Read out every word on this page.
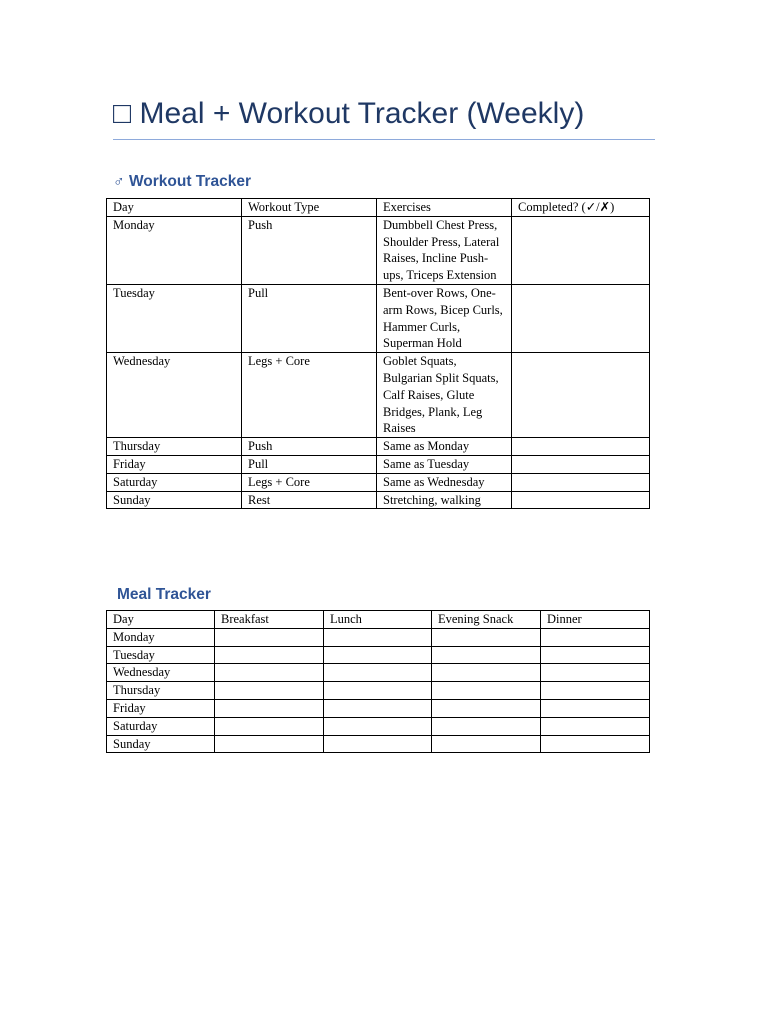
□ Meal + Workout Tracker (Weekly)
♂ Workout Tracker
Day	Workout Type	Exercises	Completed? (✓/✗)
Monday	Push	Dumbbell Chest Press, Shoulder Press, Lateral Raises, Incline Push-ups, Triceps Extension	
Tuesday	Pull	Bent-over Rows, One-arm Rows, Bicep Curls, Hammer Curls, Superman Hold	
Wednesday	Legs + Core	Goblet Squats, Bulgarian Split Squats, Calf Raises, Glute Bridges, Plank, Leg Raises	
Thursday	Push	Same as Monday	
Friday	Pull	Same as Tuesday	
Saturday	Legs + Core	Same as Wednesday	
Sunday	Rest	Stretching, walking	
Meal Tracker
Day	Breakfast	Lunch	Evening Snack	Dinner
Monday				
Tuesday				
Wednesday				
Thursday				
Friday				
Saturday				
Sunday				
